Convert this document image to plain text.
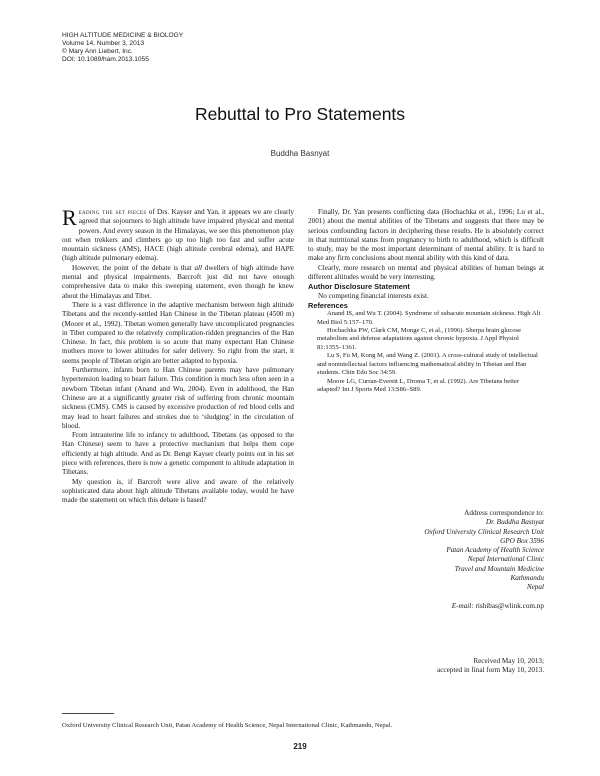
HIGH ALTITUDE MEDICINE & BIOLOGY
Volume 14, Number 3, 2013
© Mary Ann Liebert, Inc.
DOI: 10.1089/ham.2013.1055
Rebuttal to Pro Statements
Buddha Basnyat

Reading the set pieces of Drs. Kayser and Yan, it appears we are clearly agreed that sojourners to high altitude have impaired physical and mental powers. And every season in the Himalayas, we see this phenomenon play out when trekkers and climbers go up too high too fast and suffer acute mountain sickness (AMS), HACE (high altitude cerebral edema), and HAPE (high altitude pulmonary edema).

However, the point of the debate is that all dwellers of high altitude have mental and physical impairments. Barcroft just did not have enough comprehensive data to make this sweeping statement, even though he knew about the Himalayas and Tibet.

There is a vast difference in the adaptive mechanism between high altitude Tibetans and the recently-settled Han Chinese in the Tibetan plateau (4500 m) (Moore et al., 1992). Tibetan women generally have uncomplicated pregnancies in Tibet compared to the relatively complication-ridden pregnancies of the Han Chinese. In fact, this problem is so acute that many expectant Han Chinese mothers move to lower altitudes for safer delivery. So right from the start, it seems people of Tibetan origin are better adapted to hypoxia.

Furthermore, infants born to Han Chinese parents may have pulmonary hypertension leading to heart failure. This condition is much less often seen in a newborn Tibetan infant (Anand and Wu, 2004). Even in adulthood, the Han Chinese are at a significantly greater risk of suffering from chronic mountain sickness (CMS). CMS is caused by excessive production of red blood cells and may lead to heart failures and strokes due to ‘sludging’ in the circulation of blood.

From intrauterine life to infancy to adulthood, Tibetans (as opposed to the Han Chinese) seem to have a protective mechanism that helps them cope efficiently at high altitude. And as Dr. Bengt Kayser clearly points out in his set piece with references, there is now a genetic component to altitude adaptation in Tibetans.

My question is, if Barcroft were alive and aware of the relatively sophisticated data about high altitude Tibetans available today, would he have made the statement on which this debate is based?

Finally, Dr. Yan presents conflicting data (Hochachka et al., 1996; Lu et al., 2001) about the mental abilities of the Tibetans and suggests that there may be serious confounding factors in deciphering these results. He is absolutely correct in that nutritional status from pregnancy to birth to adulthood, which is difficult to study, may be the most important determinant of mental ability. It is hard to make any firm conclusions about mental ability with this kind of data.

Clearly, more research on mental and physical abilities of human beings at different altitudes would be very interesting.

Author Disclosure Statement

No competing financial interests exist.

References

Anand IS, and Wu T. (2004). Syndrome of subacute mountain sickness. High Alt Med Biol 5:157–170.

Hochachka PW, Clark CM, Monge C, et al., (1996). Sherpa brain glucose metabolism and defense adaptations against chronic hypoxia. J Appl Physiol 81:1355–1361.

Lu S, Fu M, Kong M, and Wang Z. (2001). A cross-cultural study of intellectual and nonintellectual factors influencing mathematical ability in Tibetan and Han students. Chin Edu Soc 34:59.

Moore LG, Curran-Everett L, Droma T, et al. (1992). Are Tibetans better adapted? Int J Sports Med 13:S86–S89.

Address correspondence to:
Dr. Buddha Basnyat
Oxford University Clinical Research Unit
GPO Box 3596
Patan Academy of Health Science
Nepal International Clinic
Travel and Mountain Medicine
Kathmandu
Nepal
E-mail: rishibas@wlink.com.np
Received May 10, 2013;
accepted in final form May 10, 2013.
Oxford University Clinical Research Unit, Patan Academy of Health Science, Nepal International Clinic, Kathmandu, Nepal.
219
